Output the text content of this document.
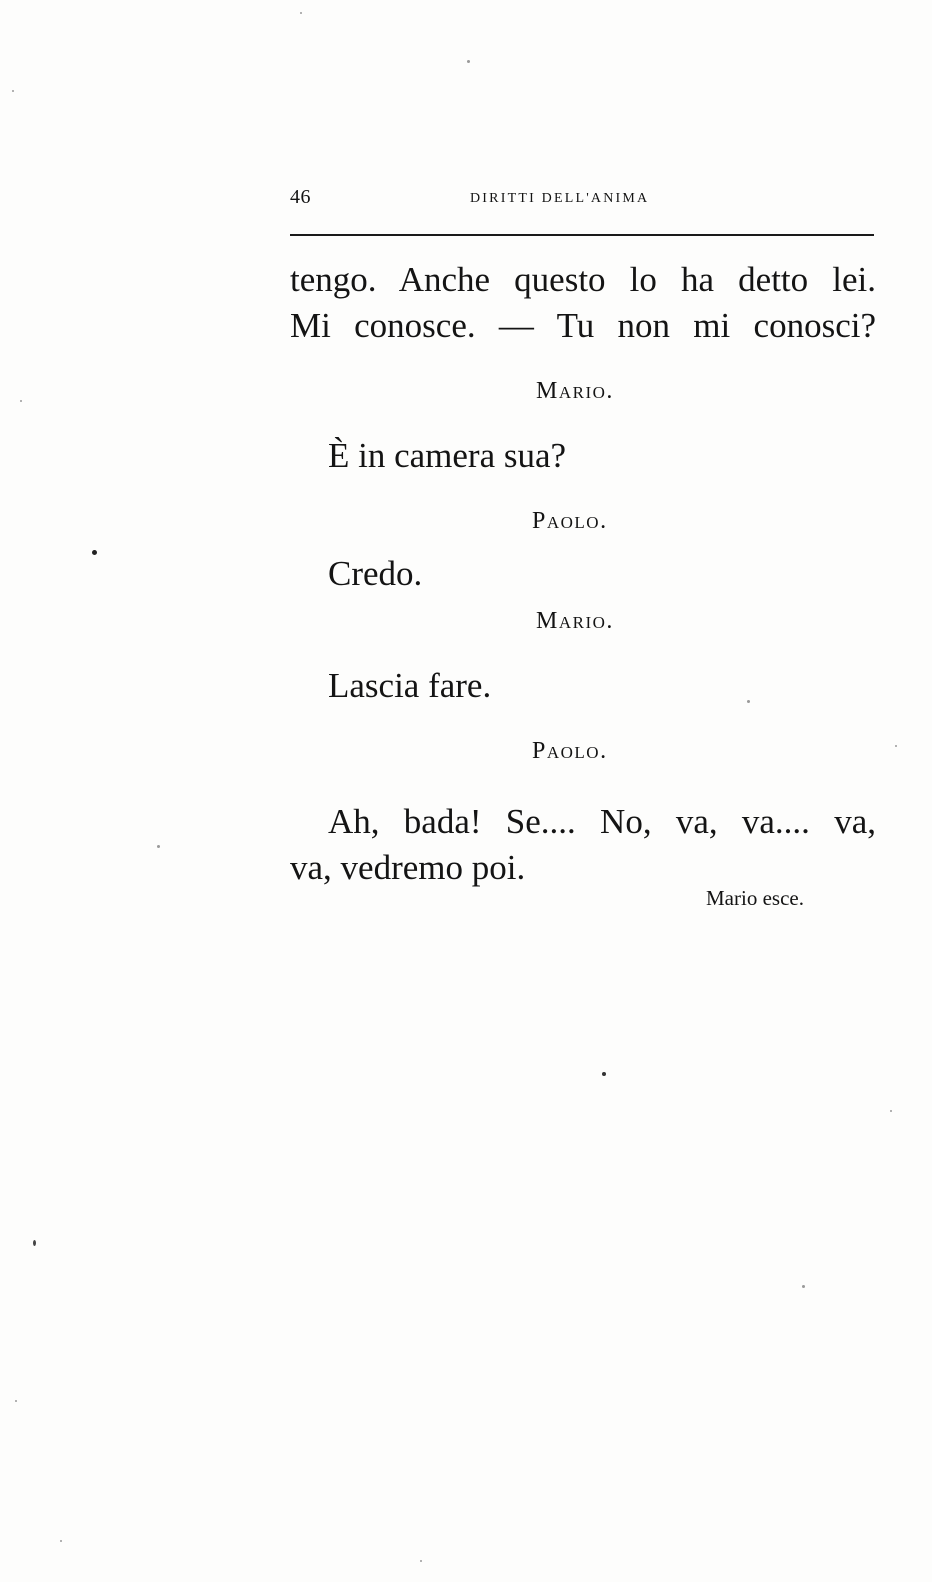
46	DIRITTI DELL'ANIMA
tengo. Anche questo lo ha detto lei.
Mi conosce. — Tu non mi conosci?
Mario.
È in camera sua?
Paolo.
Credo.
Mario.
Lascia fare.
Paolo.
Ah, bada! Se.... No, va, va.... va,
va, vedremo poi.
Mario esce.
